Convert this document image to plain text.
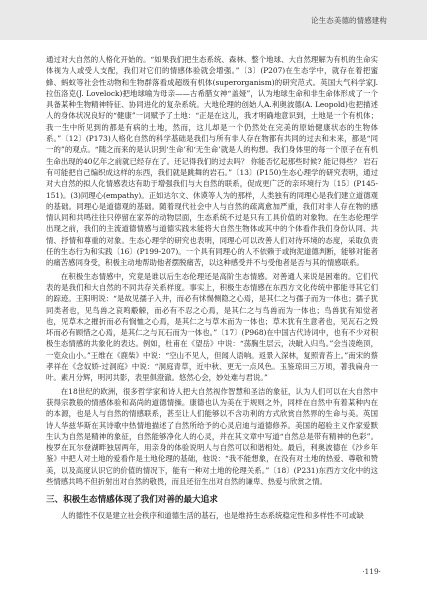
论生态美德的情感建构

通过对大自然的人格化开始的。“如果我们把生态系统、森林、整个地球、大自然理解为有机的生命实体视为人或受人支配，我们对它们的情感体验就会增强。”〔3〕(P207)在生态学中，就存在着把蜜蜂、蚂蚁等社会性动物和生物群落看成超级有机体(superorganism)的研究范式。英国大气科学家J.拉伍洛克(J. Lovelock)把地球喻为母亲——古希腊女神“盖娅”，认为地球生命和非生命体形成了一个具备某种生物精神特征、协同进化的复杂系统。大地伦理的创始人A.利奥波德(A. Leopold)也把描述人的身体状况良好的“健康”一词赋予了土地：“正是在这儿，我才明确地意识到，土地是一个有机体；我一生中所见到的都是有病的土地，然而，这儿却是一个仍然处在完美的原始健康状态的生物体系。”〔12〕(P173)人格化自然的科学基础是我们与所有非人存在物都有共同的过去和未来，都是“同一的”的观点。“随之而来的是认识到‘生命’和‘无生命’就是人的构想。我们身体里的每一个原子在有机生命出现的40亿年之前就已经存在了。还记得我们的过去吗？ 你能否忆起那些时候? 能记得些？ 岩石有可能把自己编织成这样的东西，我们就是跳舞的岩石。”〔13〕(P150)生态心理学的研究表明，通过对大自然的拟人化情感表达有助于增强我们与大自然的联系，促成更广泛的亲环境行为〔15〕(P145-151)。(3)同理心(empathy)。正如达尔文、休谟等人为的那样，人类独有的同理心是我们建立道德观的基础。同理心是道德观的基础。随着现代社会中人与自然的疏离愈加严重，我们对非人存在物的感情认同和共鸣往往只停留在家养的动物层面，生态系统不过是只有工具价值的对象物。在生态伦理学出现之前，我们的主流道德情感与道德实践未能将大自然生物体或其中的个体看作我们身份认同、共情、抒情和尊重的对象。生态心理学的研究也表明，同理心可以改善人们对待环境的态度，采取负责任的生态行为和实践〔16〕(P199-207)。一个具有同理心的人不依赖于或拘泥道德判断，能够对能者的痛苦感同身受，积极主动地帮助他者摆脱痛苦，以这种感受并不与受他者是否与其的情感联系。

在积极生态情感中，究竟是谁以后生态伦理还是高阶生态情感。对善通人来说是困难的。它们代表的是我们和大自然的不同共存关系样度。事实上，积极生态情感在东西方文化传统中都能寻其它们的踪迹。王阳明说：“是故见孺子入井，而必有怵惕恻隐之心焉，是其仁之与孺子而为一体也；孺子犹同类者也，见鸟兽之哀鸣觳觫，而必有不忍之心焉，是其仁之与鸟兽而为一体也；鸟兽犹有知觉者也，见草木之摧折而必有悯恤之心焉，是其仁之与草木而为一体也；草木犹有生意者也，见瓦石之毁坏而必有顾惜之心焉，是其仁之与瓦石而为一体也。”〔17〕(P968)在中国古代诗词中，也有不少对积极生态情感的共象化的表达。例如，杜甫在《望岳》中说：“荡胸生层云，决眦入归鸟。”会当凌绝顶，一览众山小。”王维在《鹿柴》中说：“空山不见人，但闻人语响。返景入深林，复照青苔上。”南宋的蔡孝祥在《念奴娇·过洞庭》中说：“洞庭青草，近中秋、更无一点风色。玉鉴琼田三万顷，著我扁舟一叶。素月分辉，明河共影，表里俱澄澈。悠然心会，妙处难与君说。”

在18世纪的欧洲，很多哲学家和诗人把大自然视作智慧和圣洁的象征，认为人们可以在大自然中获得宗教般的情感体验和高尚的道德情操。康德也认为美在于规则之外，同样在自然中有着某种内在的本源，也是人与自然的情感联系，甚至让人们能够以不含功利的方式欣赏自然界的生命与美。英国诗人华兹华斯在其诗歌中热情地描述了自然所给予的心灵启迪与道德修养。美国的超验主义作家爱默生认为自然是精神的象征，自然能够净化人的心灵，并在其文章中写道“自然总是带有精神的色彩”。梭罗在瓦尔登湖畔独居两年，用亲身的体验说明人与自然可以和谐相处。最后，利奥波德在《沙乡年鉴》中把人对土地的爱看作是土地伦理的基础，他说：“我不能想象，在没有对土地的热爱、尊敬和赞美，以及高度认识它的价值的情况下，能有一种对土地的伦理关系。”〔18〕(P231)东西方文化中的这些情感共鸣不但折射出对自然的敬畏，而且还衍生出对自然的谦卑、热爱与欣赏之情。

三、积极生态情感体现了我们对善的最大追求

人的德性不仅是建立社会秩序和道德生活的基石，也是维持生态系统稳定性和多样性不可或缺

·119·
